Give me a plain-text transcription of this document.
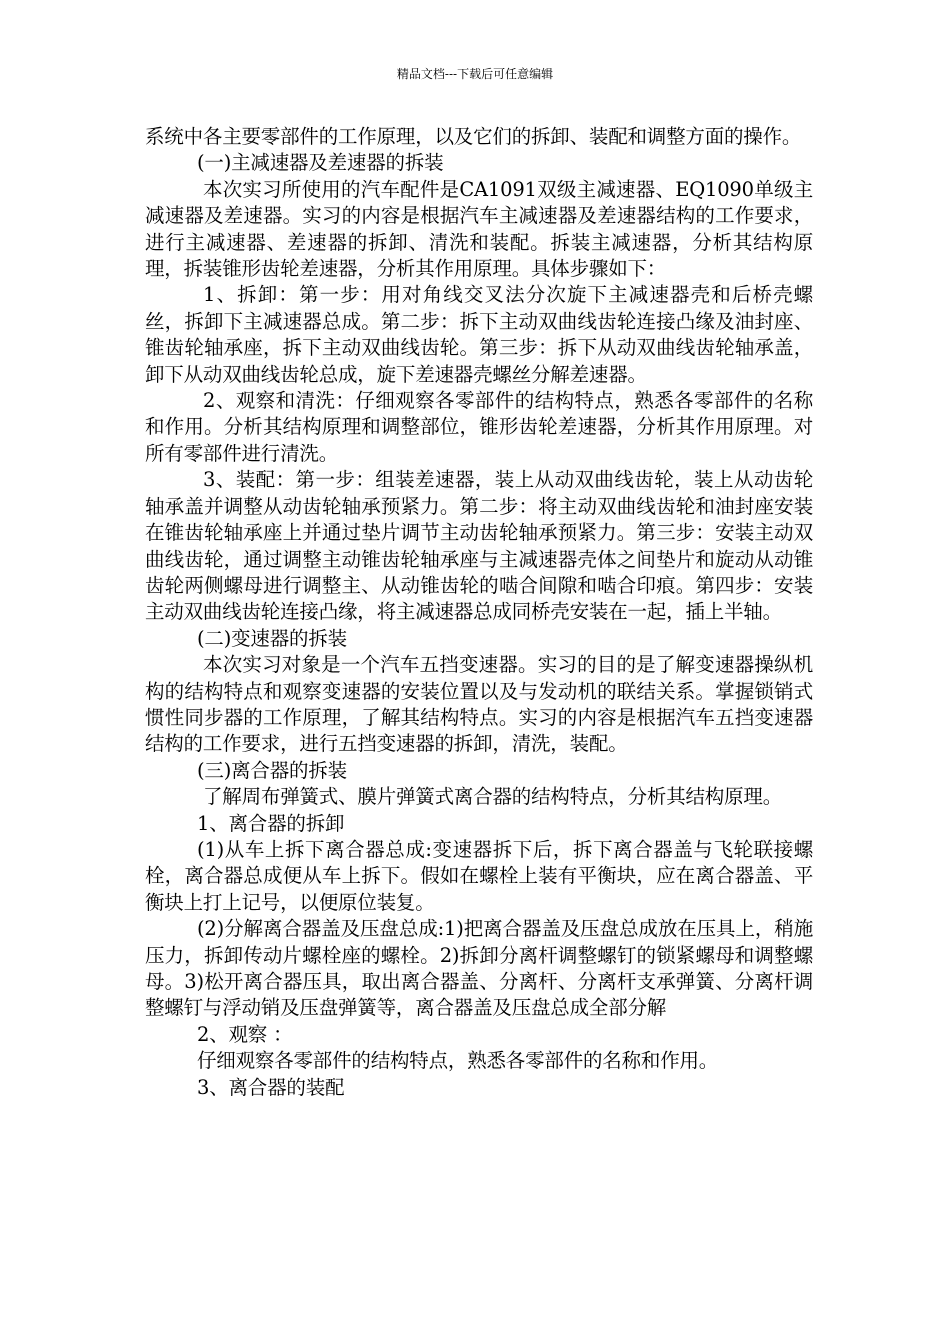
精品文档---下载后可任意编辑

系统中各主要零部件的工作原理，以及它们的拆卸、装配和调整方面的操作。

(一)主减速器及差速器的拆装

本次实习所使用的汽车配件是CA1091双级主减速器、EQ1090单级主减速器及差速器。实习的内容是根据汽车主减速器及差速器结构的工作要求，进行主减速器、差速器的拆卸、清洗和装配。拆装主减速器，分析其结构原理，拆装锥形齿轮差速器，分析其作用原理。具体步骤如下：

1、拆卸：第一步：用对角线交叉法分次旋下主减速器壳和后桥壳螺丝，拆卸下主减速器总成。第二步：拆下主动双曲线齿轮连接凸缘及油封座、锥齿轮轴承座，拆下主动双曲线齿轮。第三步：拆下从动双曲线齿轮轴承盖，卸下从动双曲线齿轮总成，旋下差速器壳螺丝分解差速器。

2、观察和清洗：仔细观察各零部件的结构特点，熟悉各零部件的名称和作用。分析其结构原理和调整部位，锥形齿轮差速器，分析其作用原理。对所有零部件进行清洗。

3、装配：第一步：组装差速器，装上从动双曲线齿轮，装上从动齿轮轴承盖并调整从动齿轮轴承预紧力。第二步：将主动双曲线齿轮和油封座安装在锥齿轮轴承座上并通过垫片调节主动齿轮轴承预紧力。第三步：安装主动双曲线齿轮，通过调整主动锥齿轮轴承座与主减速器壳体之间垫片和旋动从动锥齿轮两侧螺母进行调整主、从动锥齿轮的啮合间隙和啮合印痕。第四步：安装主动双曲线齿轮连接凸缘，将主减速器总成同桥壳安装在一起，插上半轴。

(二)变速器的拆装

本次实习对象是一个汽车五挡变速器。实习的目的是了解变速器操纵机构的结构特点和观察变速器的安装位置以及与发动机的联结关系。掌握锁销式惯性同步器的工作原理，了解其结构特点。实习的内容是根据汽车五挡变速器结构的工作要求，进行五挡变速器的拆卸，清洗，装配。

(三)离合器的拆装

了解周布弹簧式、膜片弹簧式离合器的结构特点，分析其结构原理。

1、离合器的拆卸

(1)从车上拆下离合器总成:变速器拆下后，拆下离合器盖与飞轮联接螺栓，离合器总成便从车上拆下。假如在螺栓上装有平衡块，应在离合器盖、平衡块上打上记号，以便原位装复。

(2)分解离合器盖及压盘总成:1)把离合器盖及压盘总成放在压具上，稍施压力，拆卸传动片螺栓座的螺栓。2)拆卸分离杆调整螺钉的锁紧螺母和调整螺母。3)松开离合器压具，取出离合器盖、分离杆、分离杆支承弹簧、分离杆调整螺钉与浮动销及压盘弹簧等，离合器盖及压盘总成全部分解

2、观察 ：

仔细观察各零部件的结构特点，熟悉各零部件的名称和作用。

3、离合器的装配
